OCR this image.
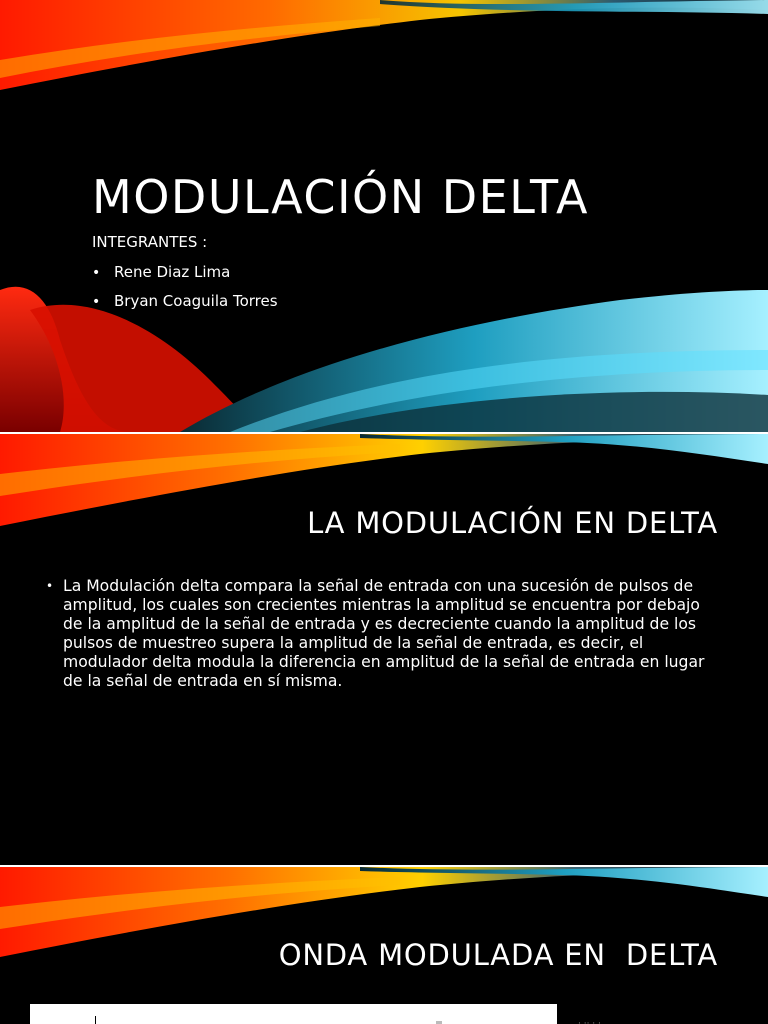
MODULACIÓN DELTA

INTEGRANTES :

• Rene Diaz Lima
• Bryan Coaguila Torres
LA MODULACIÓN EN DELTA
• La Modulación delta compara la señal de entrada con una sucesión de pulsos de amplitud, los cuales son crecientes mientras la amplitud se encuentra por debajo de la amplitud de la señal de entrada y es decreciente cuando la amplitud de los pulsos de muestreo supera la amplitud de la señal de entrada, es decir, el modulador delta modula la diferencia en amplitud de la señal de entrada en lugar de la señal de entrada en sí misma.
ONDA MODULADA EN  DELTA
· ·· · ·
